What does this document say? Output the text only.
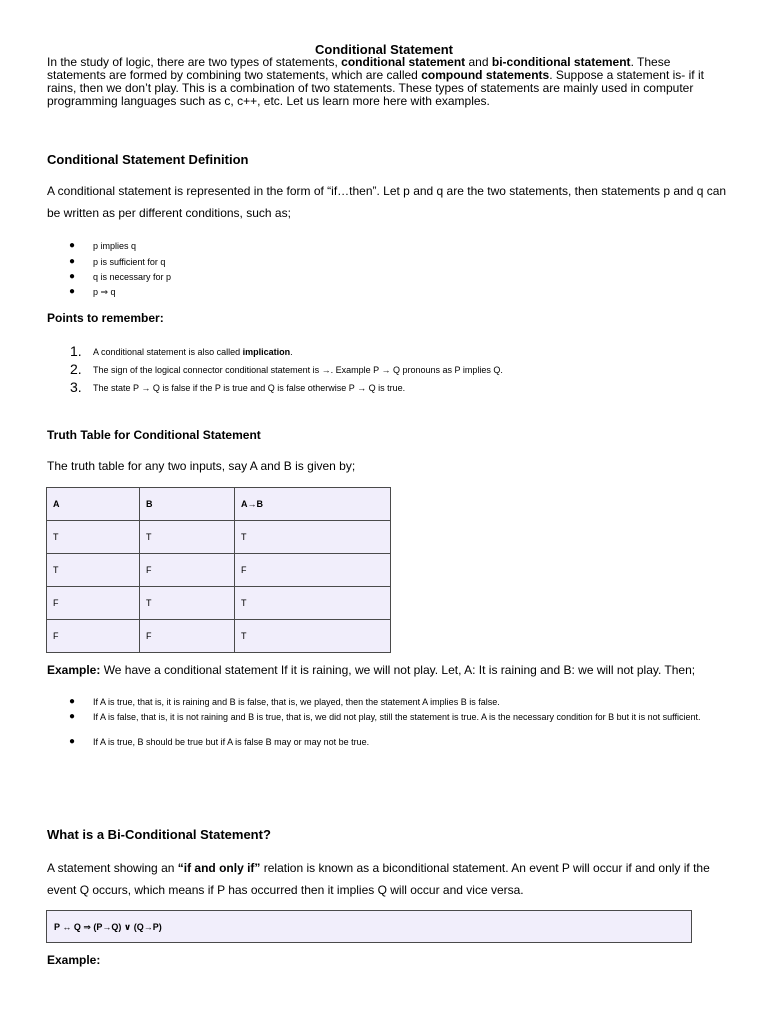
Conditional Statement
In the study of logic, there are two types of statements, conditional statement and bi-conditional statement. These statements are formed by combining two statements, which are called compound statements. Suppose a statement is- if it rains, then we don’t play. This is a combination of two statements. These types of statements are mainly used in computer programming languages such as c, c++, etc. Let us learn more here with examples.
Conditional Statement Definition
A conditional statement is represented in the form of “if…then”. Let p and q are the two statements, then statements p and q can be written as per different conditions, such as;
● p implies q
● p is sufficient for q
● q is necessary for p
● p ⇒ q
Points to remember:
1. A conditional statement is also called implication.
2. The sign of the logical connector conditional statement is →. Example P → Q pronouns as P implies Q.
3. The state P → Q is false if the P is true and Q is false otherwise P → Q is true.
Truth Table for Conditional Statement
The truth table for any two inputs, say A and B is given by;
A	B	A→B
T	T	T
T	F	F
F	T	T
F	F	T
Example: We have a conditional statement If it is raining, we will not play. Let, A: It is raining and B: we will not play. Then;
● If A is true, that is, it is raining and B is false, that is, we played, then the statement A implies B is false.
● If A is false, that is, it is not raining and B is true, that is, we did not play, still the statement is true. A is the necessary condition for B but it is not sufficient.
● If A is true, B should be true but if A is false B may or may not be true.
What is a Bi-Conditional Statement?
A statement showing an “if and only if” relation is known as a biconditional statement. An event P will occur if and only if the event Q occurs, which means if P has occurred then it implies Q will occur and vice versa.
P ↔ Q ⇒ (P→Q) ∨ (Q→P)
Example:
